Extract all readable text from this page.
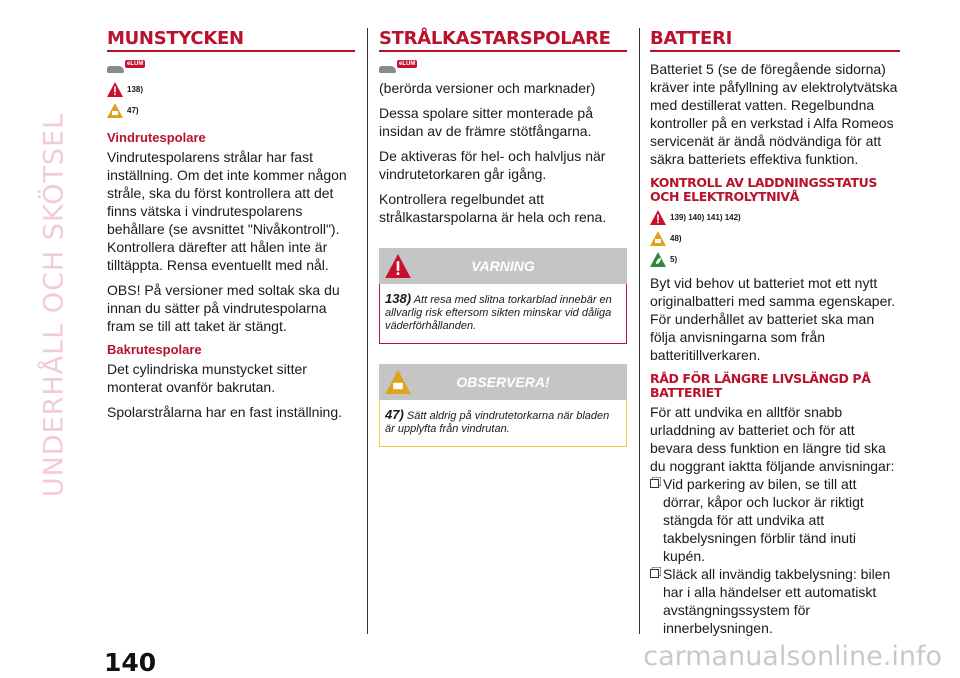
UNDERHÅLL OCH SKÖTSEL
MUNSTYCKEN
eLUM
138)
47)
Vindrutespolare

Vindrutespolarens strålar har fast inställning. Om det inte kommer någon stråle, ska du först kontrollera att det finns vätska i vindrutespolarens behållare (se avsnittet "Nivåkontroll"). Kontrollera därefter att hålen inte är tilltäppta. Rensa eventuellt med nål.

OBS! På versioner med soltak ska du innan du sätter på vindrutespolarna fram se till att taket är stängt.

Bakrutespolare

Det cylindriska munstycket sitter monterat ovanför bakrutan.

Spolarstrålarna har en fast inställning.

STRÅLKASTARSPOLARE
eLUM

(berörda versioner och marknader)

Dessa spolare sitter monterade på insidan av de främre stötfångarna.

De aktiveras för hel- och halvljus när vindrutetorkaren går igång.

Kontrollera regelbundet att strålkastarspolarna är hela och rena.

VARNING
138) Att resa med slitna torkarblad innebär en allvarlig risk eftersom sikten minskar vid dåliga väderförhållanden.
OBSERVERA!
47) Sätt aldrig på vindrutetorkarna när bladen är upplyfta från vindrutan.
BATTERI

Batteriet 5 (se de föregående sidorna) kräver inte påfyllning av elektrolytvätska med destillerat vatten. Regelbundna kontroller på en verkstad i Alfa Romeos servicenät är ändå nödvändiga för att säkra batteriets effektiva funktion.

KONTROLL AV LADDNINGSSTATUS OCH ELEKTROLYTNIVÅ
139) 140) 141) 142)
48)
5)

Byt vid behov ut batteriet mot ett nytt originalbatteri med samma egenskaper. För underhållet av batteriet ska man följa anvisningarna som från batteritillverkaren.

RÅD FÖR LÄNGRE LIVSLÄNGD PÅ BATTERIET

För att undvika en alltför snabb urladdning av batteriet och för att bevara dess funktion en längre tid ska du noggrant iaktta följande anvisningar:

Vid parkering av bilen, se till att dörrar, kåpor och luckor är riktigt stängda för att undvika att takbelysningen förblir tänd inuti kupén.

Släck all invändig takbelysning: bilen har i alla händelser ett automatiskt avstängningssystem för innerbelysningen.

140	carmanualsonline.info
